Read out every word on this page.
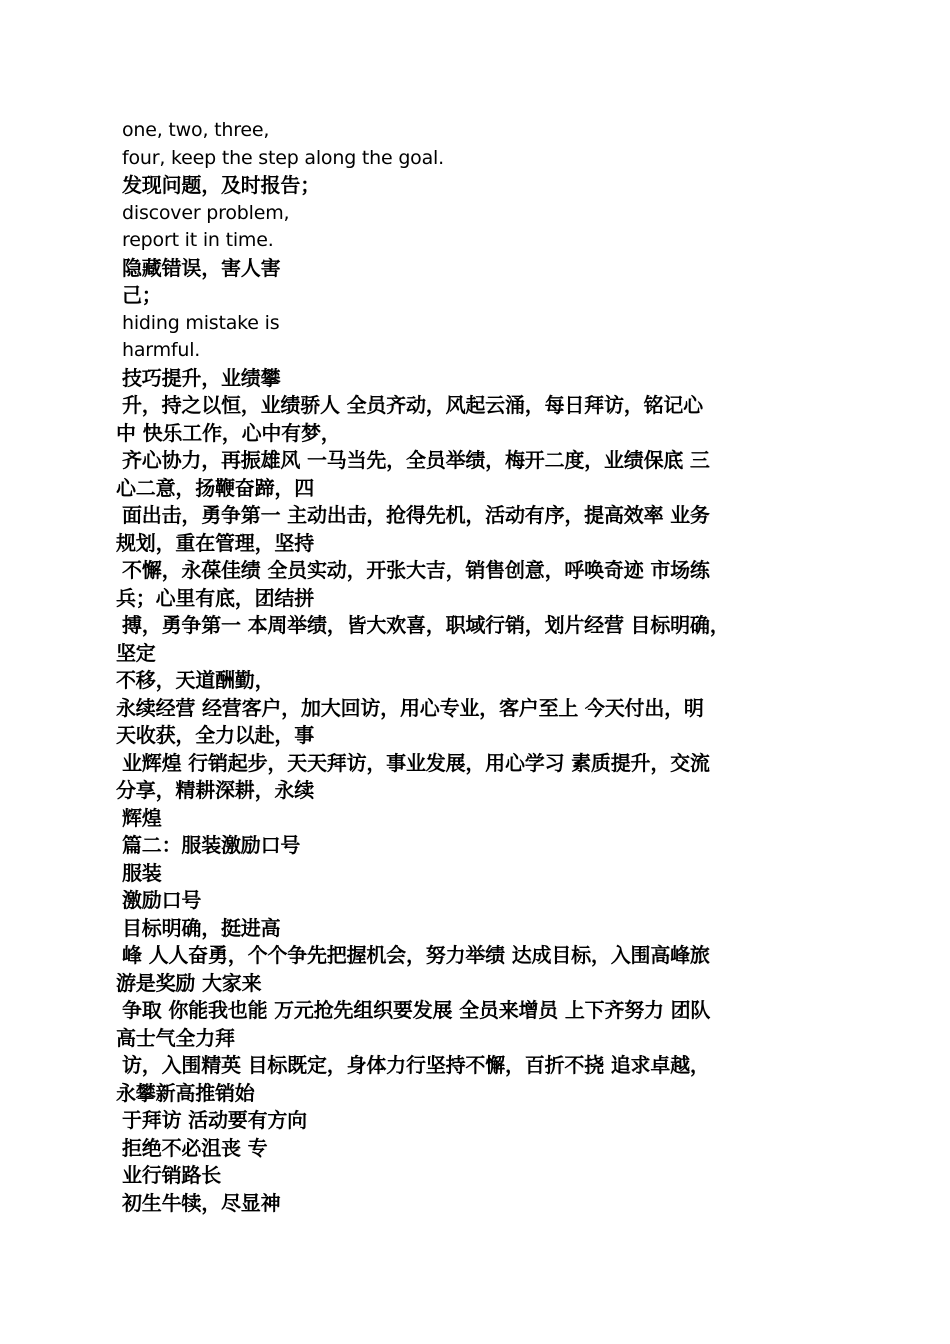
one, two, three,
four, keep the step along the goal.
发现问题，及时报告；
discover problem,
report it in time.
隐藏错误，害人害
己；
hiding mistake is
harmful.
技巧提升，业绩攀
升，持之以恒，业绩骄人 全员齐动，风起云涌，每日拜访，铭记心
中 快乐工作，心中有梦，
齐心协力，再振雄风 一马当先，全员举绩，梅开二度，业绩保底 三
心二意，扬鞭奋蹄，四
面出击，勇争第一 主动出击，抢得先机，活动有序，提高效率 业务
规划，重在管理，坚持
不懈，永葆佳绩 全员实动，开张大吉，销售创意，呼唤奇迹 市场练
兵；心里有底，团结拼
搏，勇争第一 本周举绩，皆大欢喜，职域行销，划片经营 目标明确，
坚定
不移，天道酬勤，
永续经营 经营客户，加大回访，用心专业，客户至上 今天付出，明
天收获，全力以赴，事
业辉煌 行销起步，天天拜访，事业发展，用心学习 素质提升，交流
分享，精耕深耕，永续
辉煌
篇二：服装激励口号
服装
激励口号
目标明确，挺进高
峰 人人奋勇，个个争先把握机会，努力举绩 达成目标，入围高峰旅
游是奖励 大家来
争取 你能我也能 万元抢先组织要发展 全员来增员 上下齐努力 团队
高士气全力拜
访，入围精英 目标既定，身体力行坚持不懈，百折不挠 追求卓越，
永攀新高推销始
于拜访 活动要有方向
拒绝不必沮丧 专
业行销路长
初生牛犊，尽显神
